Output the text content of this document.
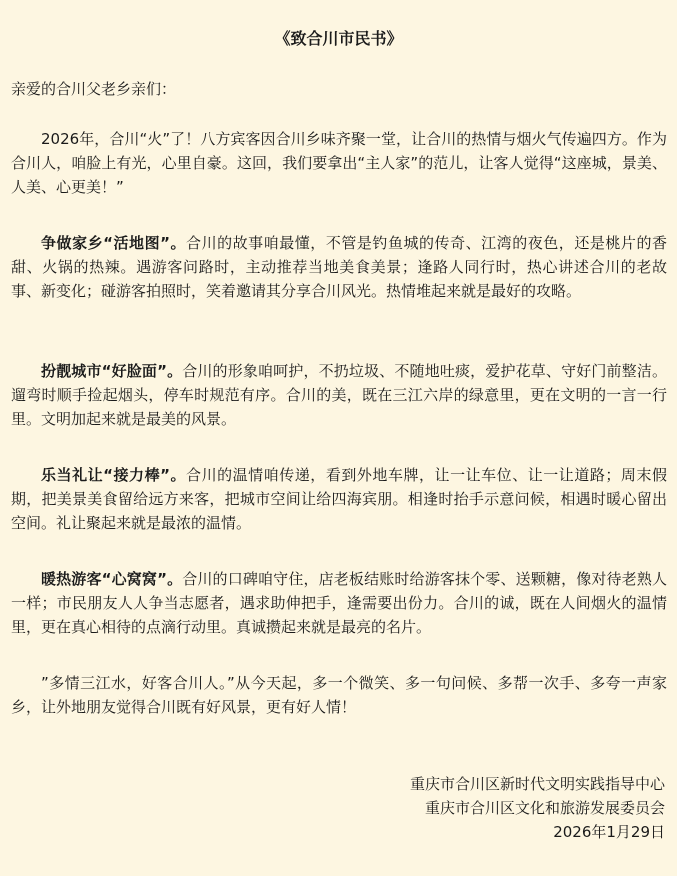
《致合川市民书》
亲爱的合川父老乡亲们：

2026年，合川“火”了！八方宾客因合川乡味齐聚一堂，让合川的热情与烟火气传遍四方。作为合川人，咱脸上有光，心里自豪。这回，我们要拿出“主人家”的范儿，让客人觉得“这座城，景美、人美、心更美！”

争做家乡“活地图”。合川的故事咱最懂，不管是钓鱼城的传奇、江湾的夜色，还是桃片的香甜、火锅的热辣。遇游客问路时，主动推荐当地美食美景；逢路人同行时，热心讲述合川的老故事、新变化；碰游客拍照时，笑着邀请其分享合川风光。热情堆起来就是最好的攻略。

扮靓城市“好脸面”。合川的形象咱呵护，不扔垃圾、不随地吐痰，爱护花草、守好门前整洁。遛弯时顺手捡起烟头，停车时规范有序。合川的美，既在三江六岸的绿意里，更在文明的一言一行里。文明加起来就是最美的风景。

乐当礼让“接力棒”。合川的温情咱传递，看到外地车牌，让一让车位、让一让道路；周末假期，把美景美食留给远方来客，把城市空间让给四海宾朋。相逢时抬手示意问候，相遇时暖心留出空间。礼让聚起来就是最浓的温情。

暖热游客“心窝窝”。合川的口碑咱守住，店老板结账时给游客抹个零、送颗糖，像对待老熟人一样；市民朋友人人争当志愿者，遇求助伸把手，逢需要出份力。合川的诚，既在人间烟火的温情里，更在真心相待的点滴行动里。真诚攒起来就是最亮的名片。

”多情三江水，好客合川人。”从今天起，多一个微笑、多一句问候、多帮一次手、多夸一声家乡，让外地朋友觉得合川既有好风景，更有好人情！

重庆市合川区新时代文明实践指导中心
重庆市合川区文化和旅游发展委员会
2026年1月29日
